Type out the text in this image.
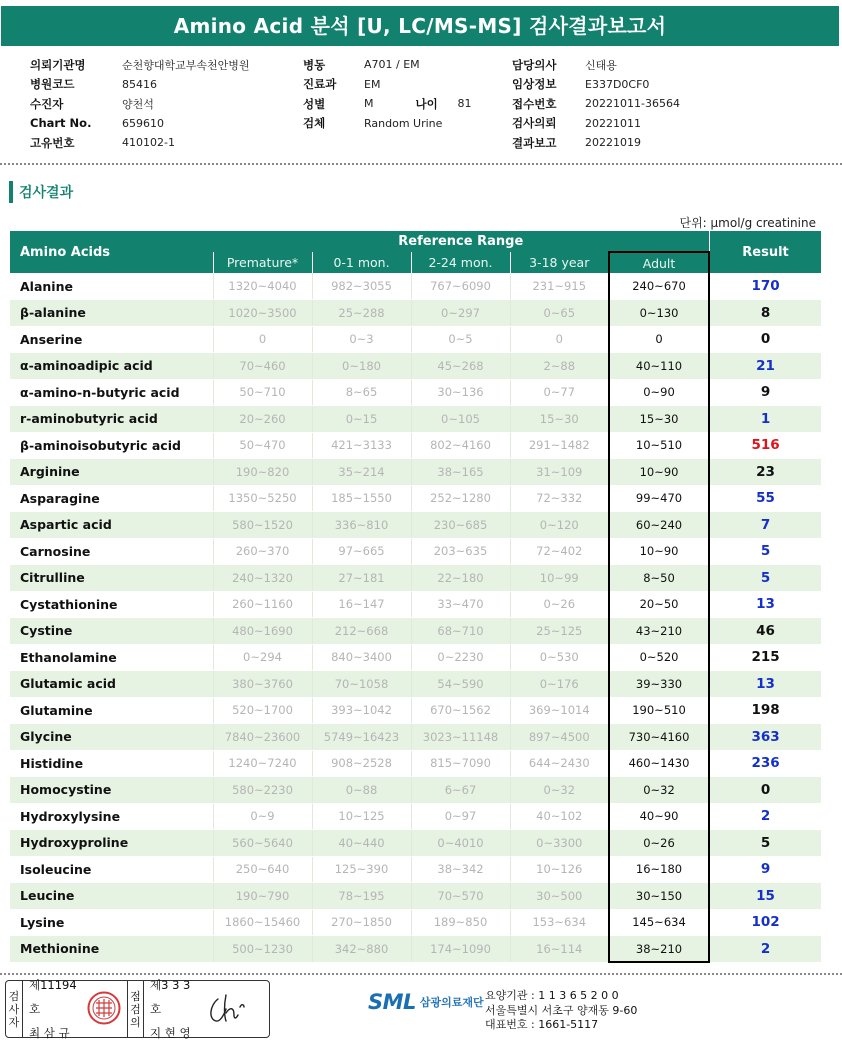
Amino Acid 분석 [U, LC/MS-MS] 검사결과보고서
의뢰기관명	순천향대학교부속천안병원
병원코드	85416
수진자	양천석
Chart No.	659610
고유번호	410102-1
병동	A701 / EM
진료과	EM
성별	M	나이	81
검체	Random Urine
담당의사	신태용
임상정보	E337D0CF0
접수번호	20221011-36564
검사의뢰	20221011
결과보고	20221019
검사결과
단위: μmol/g creatinine
Amino Acids	Reference Range					Result
	Premature*	0-1 mon.	2-24 mon.	3-18 year	Adult	
Alanine	1320~4040	982~3055	767~6090	231~915	240~670	170
β-alanine	1020~3500	25~288	0~297	0~65	0~130	8
Anserine	0	0~3	0~5	0	0	0
α-aminoadipic acid	70~460	0~180	45~268	2~88	40~110	21
α-amino-n-butyric acid	50~710	8~65	30~136	0~77	0~90	9
r-aminobutyric acid	20~260	0~15	0~105	15~30	15~30	1
β-aminoisobutyric acid	50~470	421~3133	802~4160	291~1482	10~510	516
Arginine	190~820	35~214	38~165	31~109	10~90	23
Asparagine	1350~5250	185~1550	252~1280	72~332	99~470	55
Aspartic acid	580~1520	336~810	230~685	0~120	60~240	7
Carnosine	260~370	97~665	203~635	72~402	10~90	5
Citrulline	240~1320	27~181	22~180	10~99	8~50	5
Cystathionine	260~1160	16~147	33~470	0~26	20~50	13
Cystine	480~1690	212~668	68~710	25~125	43~210	46
Ethanolamine	0~294	840~3400	0~2230	0~530	0~520	215
Glutamic acid	380~3760	70~1058	54~590	0~176	39~330	13
Glutamine	520~1700	393~1042	670~1562	369~1014	190~510	198
Glycine	7840~23600	5749~16423	3023~11148	897~4500	730~4160	363
Histidine	1240~7240	908~2528	815~7090	644~2430	460~1430	236
Homocystine	580~2230	0~88	6~67	0~32	0~32	0
Hydroxylysine	0~9	10~125	0~97	40~102	40~90	2
Hydroxyproline	560~5640	40~440	0~4010	0~3300	0~26	5
Isoleucine	250~640	125~390	38~342	10~126	16~180	9
Leucine	190~790	78~195	70~570	30~500	30~150	15
Lysine	1860~15460	270~1850	189~850	153~634	145~634	102
Methionine	500~1230	342~880	174~1090	16~114	38~210	2
검
사
자
제11194호
최 삼 규
점
검
의
제3 3 3 호
지 현 영
SML 삼광의료재단
요양기관 : 1 1 3 6 5 2 0 0
서울특별시 서초구 양재동 9-60
대표번호 : 1661-5117
